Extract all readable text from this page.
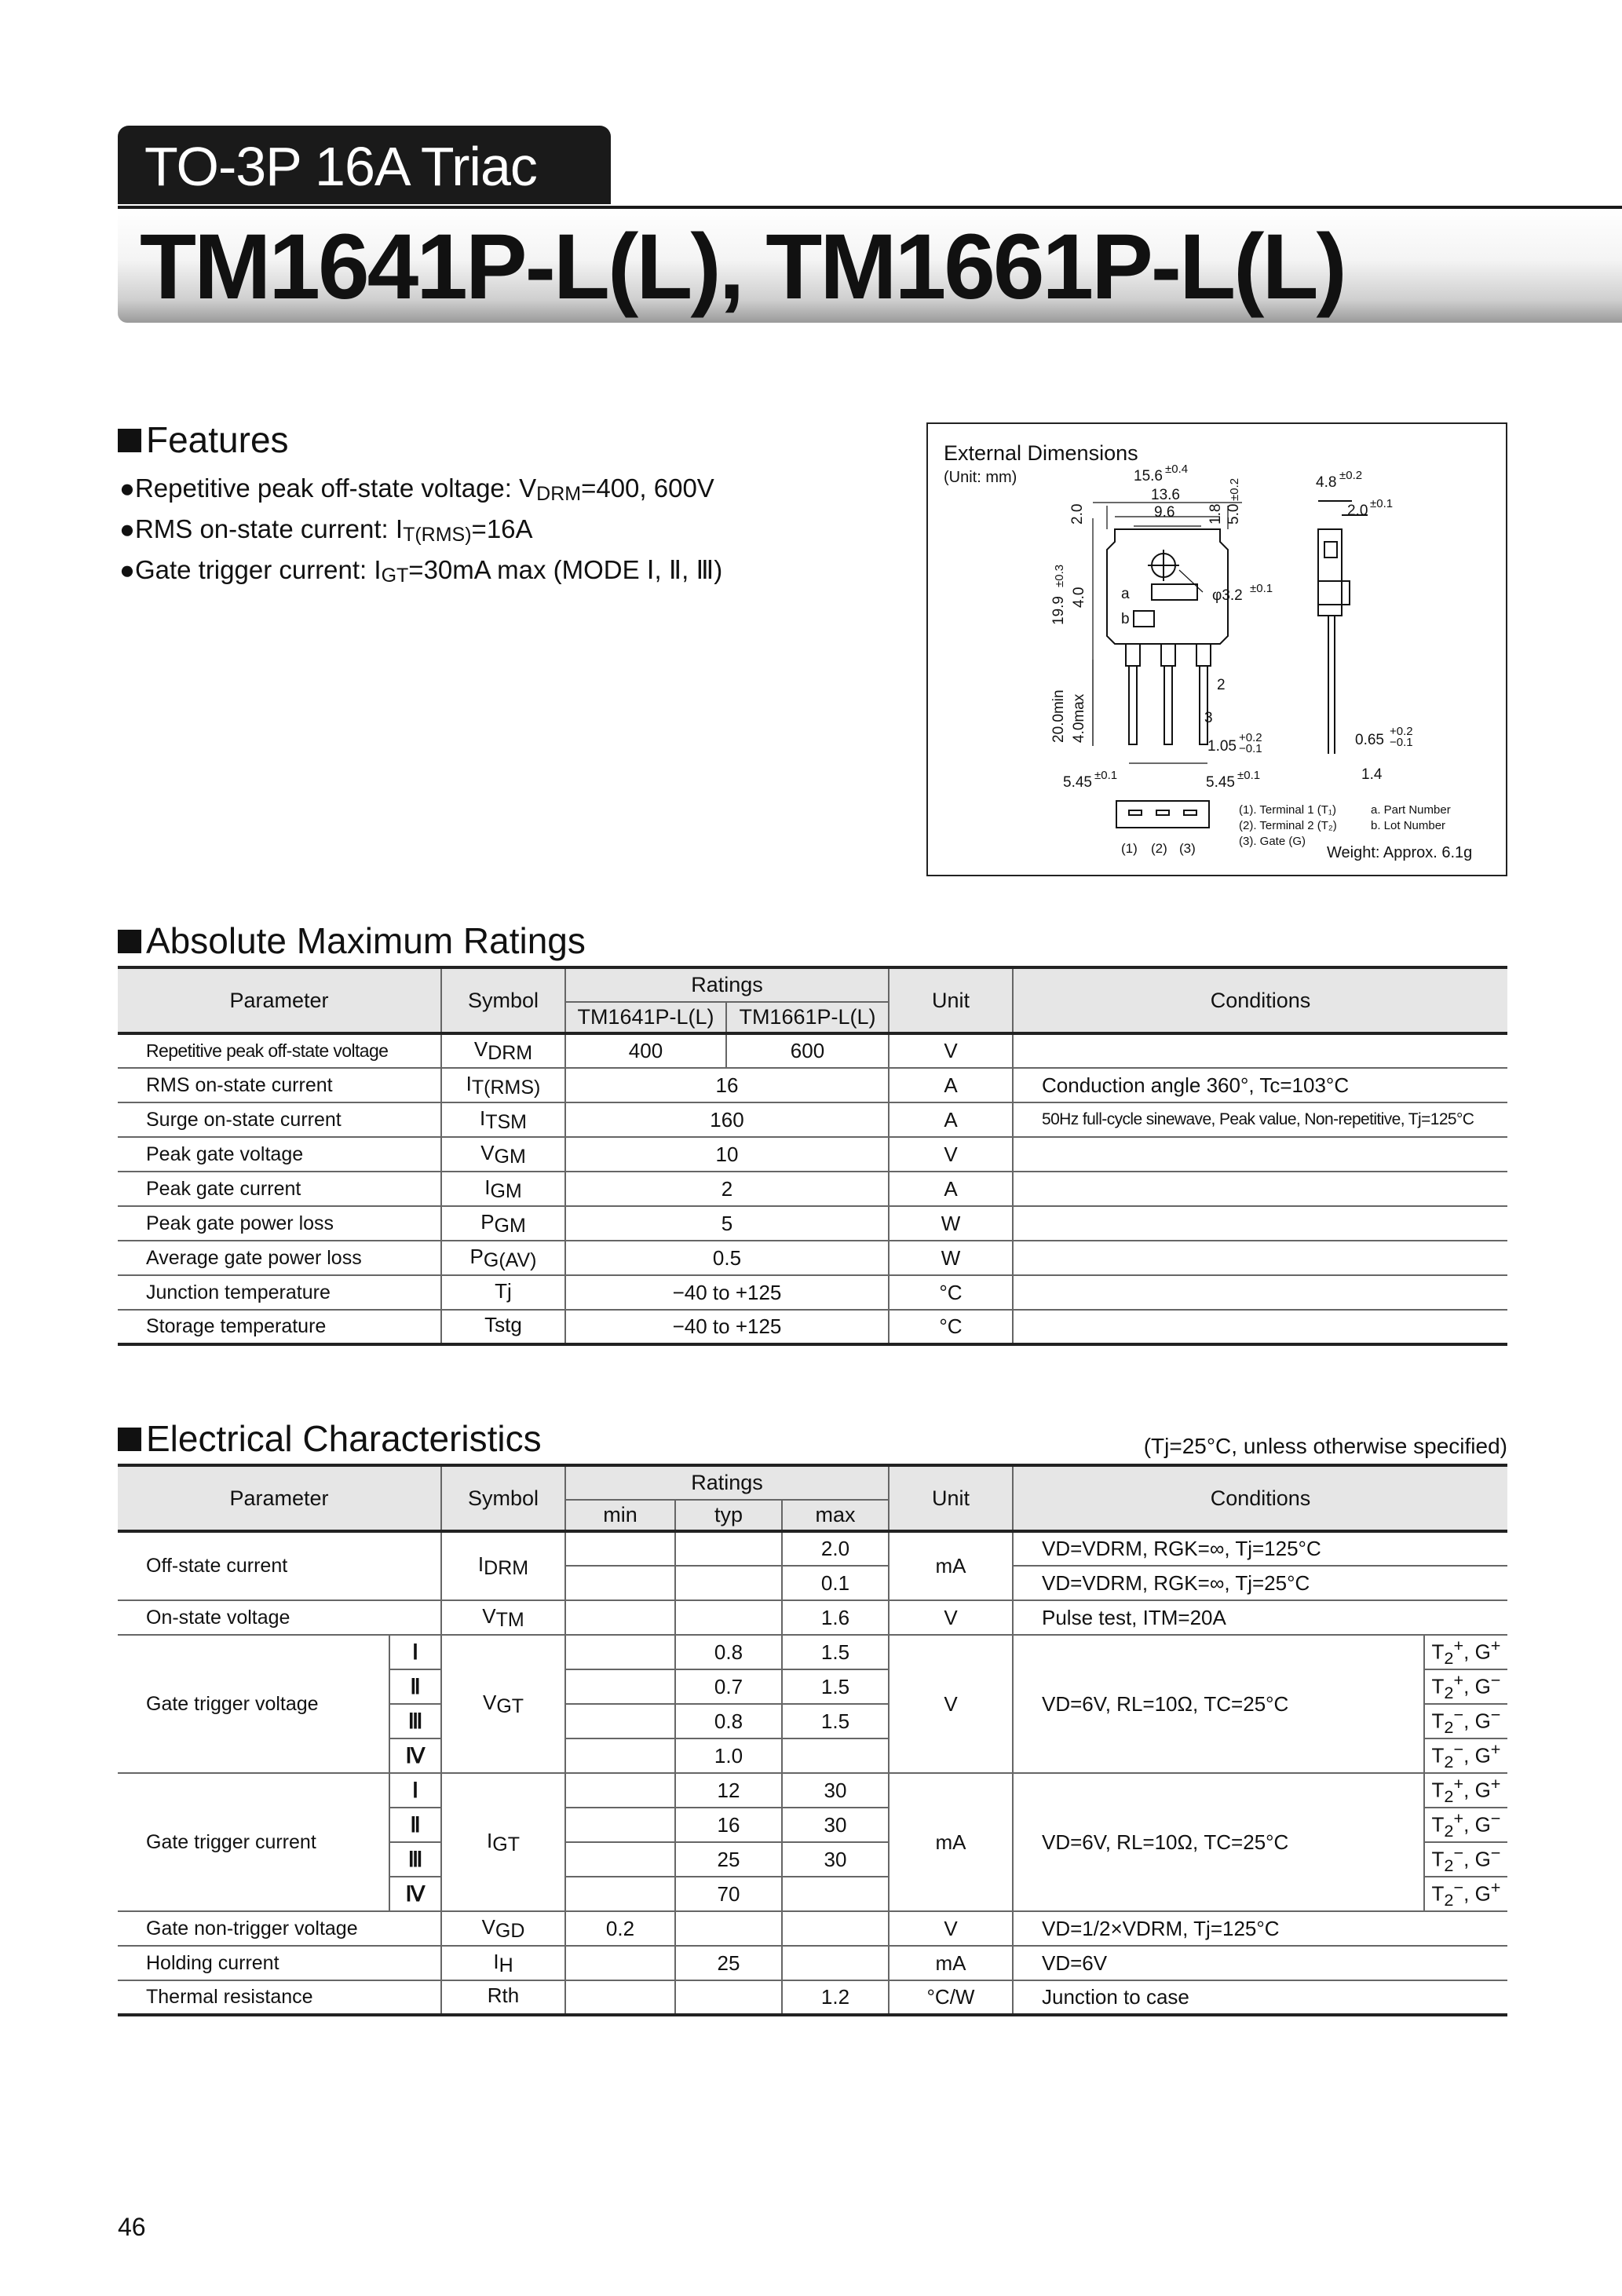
TO-3P 16A Triac
TM1641P-L(L), TM1661P-L(L)
Features
●Repetitive peak off-state voltage: VDRM=400, 600V
●RMS on-state current: IT(RMS)=16A
●Gate trigger current: IGT=30mA max (MODE Ⅰ, Ⅱ, Ⅲ)
External Dimensions
(Unit: mm)	15.6 ±0.4
13.6
9.6
2.0	1.8 5.0
±0.2	4.8 ±0.2
2.0 ±0.1
19.9
±0.3
4.0	φ3.2 ±0.1
a
b
20.0min 4.0max
2
3
1.05
+0.2
−0.1
0.65
+0.2
−0.1
1.4
5.45 ±0.1	5.45 ±0.1
(1) (2) (3)
(1). Terminal 1 (T₁)
(2). Terminal 2 (T₂)
(3). Gate (G)
a. Part Number
b. Lot Number
Weight: Approx. 6.1g
Absolute Maximum Ratings
Parameter	Symbol	Ratings		Unit	Conditions
		TM1641P-L(L)	TM1661P-L(L)		
Repetitive peak off-state voltage	VDRM	400	600	V	
RMS on-state current	IT(RMS)	16		A	Conduction angle 360°, Tc=103°C
Surge on-state current	ITSM	160		A	50Hz full-cycle sinewave, Peak value, Non-repetitive, Tj=125°C
Peak gate voltage	VGM	10		V	
Peak gate current	IGM	2		A	
Peak gate power loss	PGM	5		W	
Average gate power loss	PG(AV)	0.5		W	
Junction temperature	Tj	−40 to +125		°C	
Storage temperature	Tstg	−40 to +125		°C	
Electrical Characteristics	(Tj=25°C, unless otherwise specified)
Parameter		Symbol	Ratings			Unit	Conditions	
			min	typ	max			
Off-state current		IDRM			2.0	mA	VD=VDRM, RGK=∞, Tj=125°C	
					0.1		VD=VDRM, RGK=∞, Tj=25°C	
On-state voltage		VTM			1.6	V	Pulse test, ITM=20A	
Gate trigger voltage	Ⅰ	VGT		0.8	1.5	V	VD=6V, RL=10Ω, TC=25°C	$T_2^+$, G+
	Ⅱ			0.7	1.5			$T_2^+$, G−
	Ⅲ			0.8	1.5			$T_2^-$, G−
	Ⅳ			1.0				$T_2^-$, G+
Gate trigger current	Ⅰ	IGT		12	30	mA	VD=6V, RL=10Ω, TC=25°C	$T_2^+$, G+
	Ⅱ			16	30			$T_2^+$, G−
	Ⅲ			25	30			$T_2^-$, G−
	Ⅳ			70				$T_2^-$, G+
Gate non-trigger voltage		VGD	0.2			V	VD=1/2×VDRM, Tj=125°C	
Holding current		IH		25		mA	VD=6V	
Thermal resistance		Rth			1.2	°C/W	Junction to case	
46
